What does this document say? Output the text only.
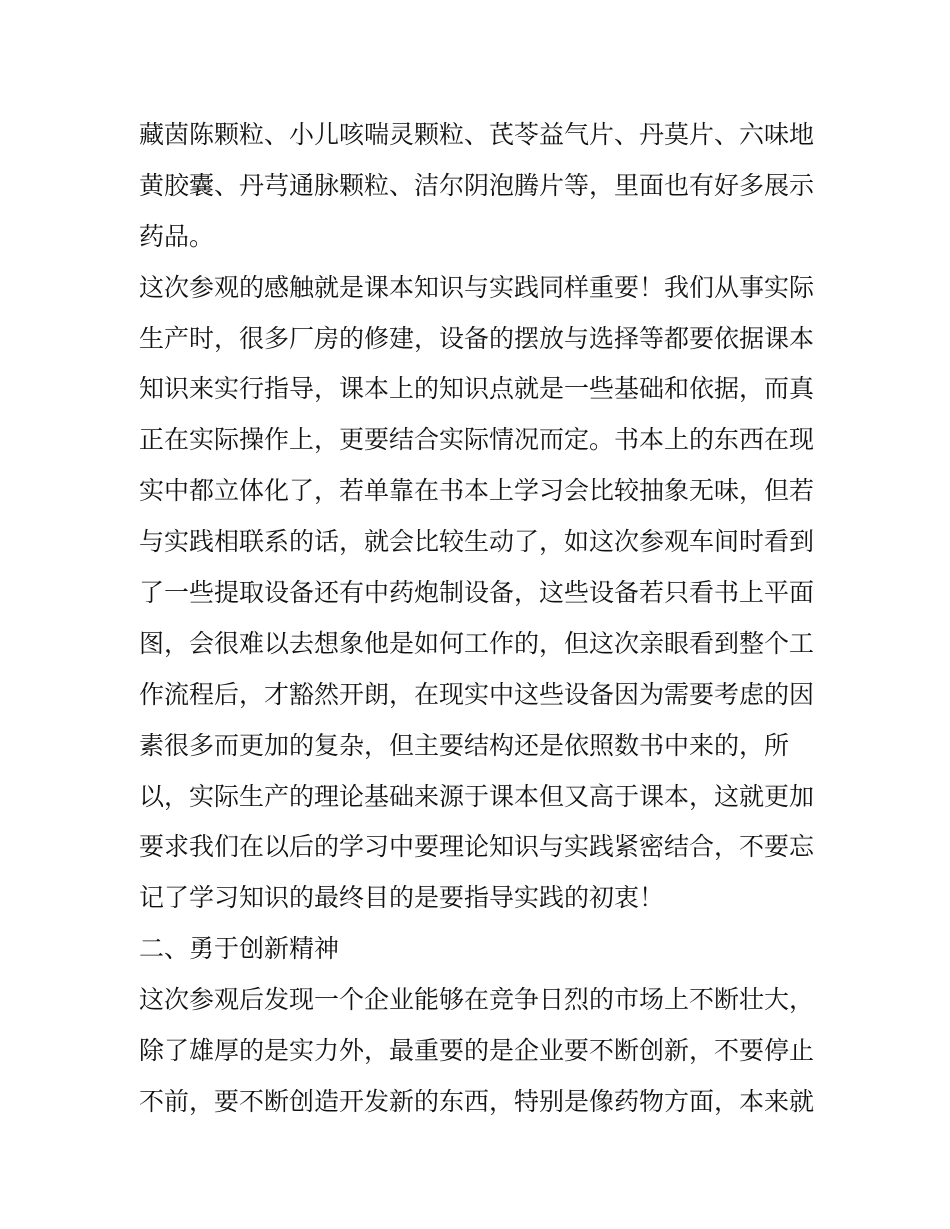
藏茵陈颗粒、小儿咳喘灵颗粒、芪苓益气片、丹莫片、六味地
黄胶囊、丹芎通脉颗粒、洁尔阴泡腾片等，里面也有好多展示
药品。
这次参观的感触就是课本知识与实践同样重要！我们从事实际
生产时，很多厂房的修建，设备的摆放与选择等都要依据课本
知识来实行指导，课本上的知识点就是一些基础和依据，而真
正在实际操作上，更要结合实际情况而定。书本上的东西在现
实中都立体化了，若单靠在书本上学习会比较抽象无味，但若
与实践相联系的话，就会比较生动了，如这次参观车间时看到
了一些提取设备还有中药炮制设备，这些设备若只看书上平面
图，会很难以去想象他是如何工作的，但这次亲眼看到整个工
作流程后，才豁然开朗，在现实中这些设备因为需要考虑的因
素很多而更加的复杂，但主要结构还是依照数书中来的，所
以，实际生产的理论基础来源于课本但又高于课本，这就更加
要求我们在以后的学习中要理论知识与实践紧密结合，不要忘
记了学习知识的最终目的是要指导实践的初衷！
二、勇于创新精神
这次参观后发现一个企业能够在竞争日烈的市场上不断壮大，
除了雄厚的是实力外，最重要的是企业要不断创新，不要停止
不前，要不断创造开发新的东西，特别是像药物方面，本来就
